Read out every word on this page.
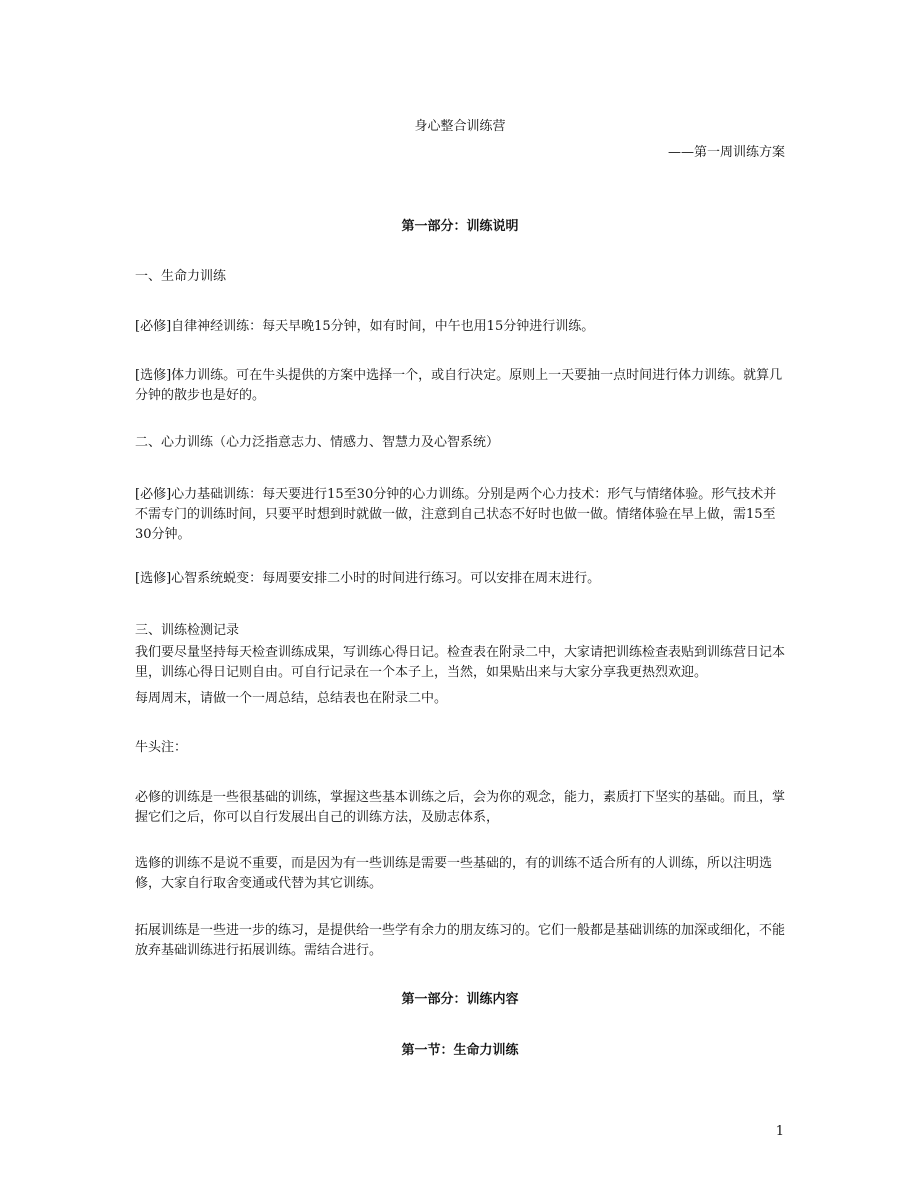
身心整合训练营

——第一周训练方案

第一部分：训练说明

一、生命力训练

[必修]自律神经训练：每天早晚15分钟，如有时间，中午也用15分钟进行训练。

[选修]体力训练。可在牛头提供的方案中选择一个，或自行决定。原则上一天要抽一点时间进行体力训练。就算几分钟的散步也是好的。

二、心力训练（心力泛指意志力、情感力、智慧力及心智系统）

[必修]心力基础训练：每天要进行15至30分钟的心力训练。分别是两个心力技术：形气与情绪体验。形气技术并不需专门的训练时间，只要平时想到时就做一做，注意到自己状态不好时也做一做。情绪体验在早上做，需15至30分钟。

[选修]心智系统蜕变：每周要安排二小时的时间进行练习。可以安排在周末进行。

三、训练检测记录

我们要尽量坚持每天检查训练成果，写训练心得日记。检查表在附录二中，大家请把训练检查表贴到训练营日记本里，训练心得日记则自由。可自行记录在一个本子上，当然，如果贴出来与大家分享我更热烈欢迎。

每周周末，请做一个一周总结，总结表也在附录二中。

牛头注：

必修的训练是一些很基础的训练，掌握这些基本训练之后，会为你的观念，能力，素质打下坚实的基础。而且，掌握它们之后，你可以自行发展出自己的训练方法，及励志体系，

选修的训练不是说不重要，而是因为有一些训练是需要一些基础的，有的训练不适合所有的人训练，所以注明选修，大家自行取舍变通或代替为其它训练。

拓展训练是一些进一步的练习，是提供给一些学有余力的朋友练习的。它们一般都是基础训练的加深或细化，不能放弃基础训练进行拓展训练。需结合进行。

第一部分：训练内容

第一节：生命力训练

1
